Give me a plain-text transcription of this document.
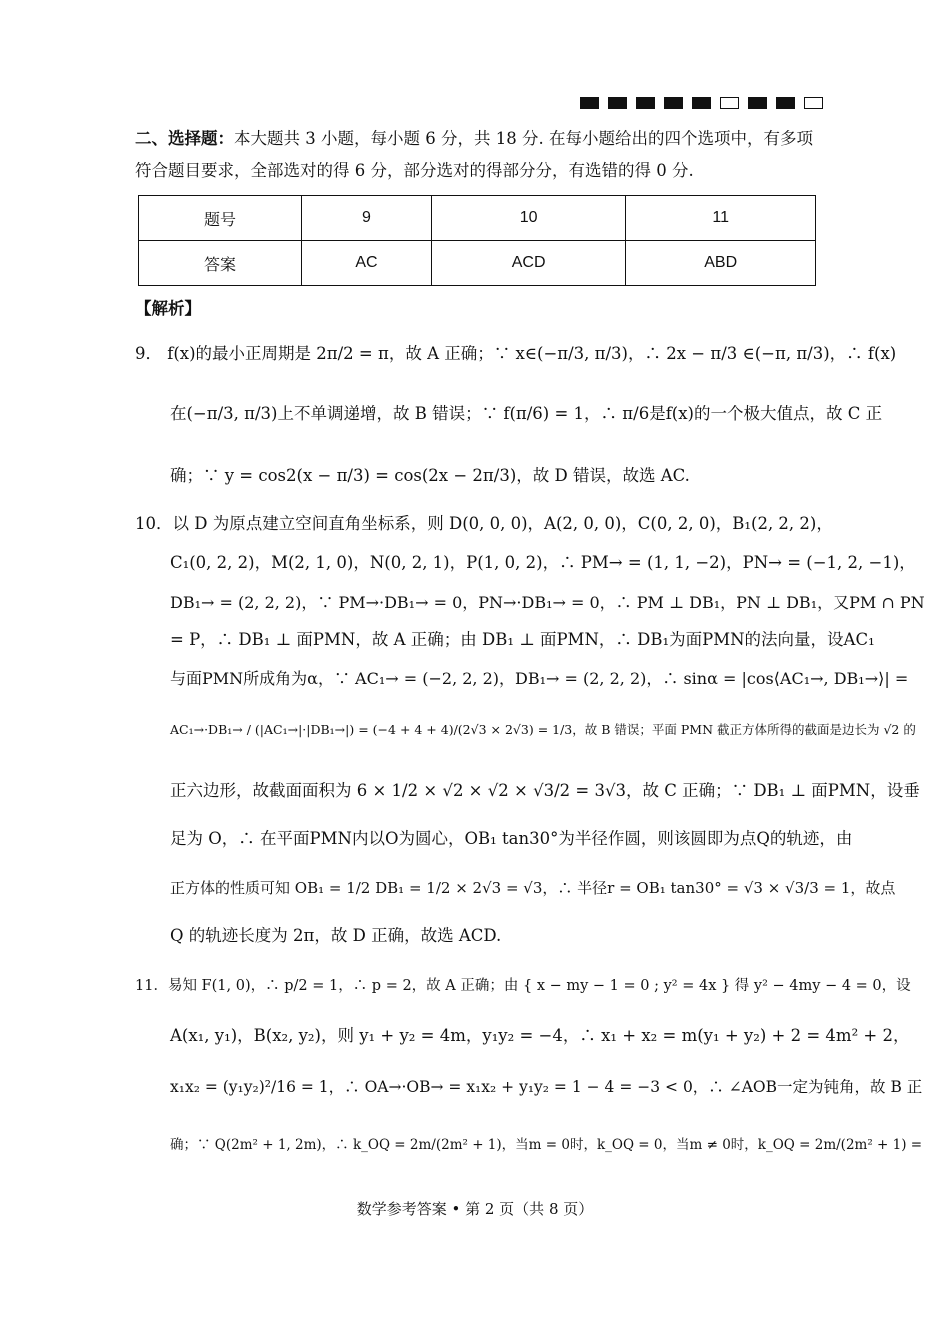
二、选择题：本大题共 3 小题，每小题 6 分，共 18 分. 在每小题给出的四个选项中，有多项
符合题目要求，全部选对的得 6 分，部分选对的得部分分，有选错的得 0 分.
题号	9	10	11
答案	AC	ACD	ABD
【解析】
9． f(x)的最小正周期是 2π/2 = π，故 A 正确；∵ x∈(−π/3, π/3)，∴ 2x − π/3 ∈(−π, π/3)，∴ f(x)
在(−π/3, π/3)上不单调递增，故 B 错误；∵ f(π/6) = 1，∴ π/6是f(x)的一个极大值点，故 C 正
确；∵ y = cos2(x − π/3) = cos(2x − 2π/3)，故 D 错误，故选 AC.
10．以 D 为原点建立空间直角坐标系，则 D(0, 0, 0)，A(2, 0, 0)，C(0, 2, 0)，B₁(2, 2, 2)，
C₁(0, 2, 2)，M(2, 1, 0)，N(0, 2, 1)，P(1, 0, 2)，∴ PM→ = (1, 1, −2)，PN→ = (−1, 2, −1)，
DB₁→ = (2, 2, 2)，∵ PM→·DB₁→ = 0，PN→·DB₁→ = 0，∴ PM ⊥ DB₁，PN ⊥ DB₁，又PM ∩ PN
= P，∴ DB₁ ⊥ 面PMN，故 A 正确；由 DB₁ ⊥ 面PMN，∴ DB₁为面PMN的法向量，设AC₁
与面PMN所成角为α，∵ AC₁→ = (−2, 2, 2)，DB₁→ = (2, 2, 2)，∴ sinα = |cos⟨AC₁→, DB₁→⟩| =
AC₁→·DB₁→ / (|AC₁→|·|DB₁→|) = (−4 + 4 + 4)/(2√3 × 2√3) = 1/3，故 B 错误；平面 PMN 截正方体所得的截面是边长为 √2 的
正六边形，故截面面积为 6 × 1/2 × √2 × √2 × √3/2 = 3√3，故 C 正确；∵ DB₁ ⊥ 面PMN，设垂
足为 O，∴ 在平面PMN内以O为圆心，OB₁ tan30°为半径作圆，则该圆即为点Q的轨迹，由
正方体的性质可知 OB₁ = 1/2 DB₁ = 1/2 × 2√3 = √3，∴ 半径r = OB₁ tan30° = √3 × √3/3 = 1，故点
Q 的轨迹长度为 2π，故 D 正确，故选 ACD.
11．易知 F(1, 0)，∴ p/2 = 1，∴ p = 2，故 A 正确；由 { x − my − 1 = 0 ; y² = 4x } 得 y² − 4my − 4 = 0，设
A(x₁, y₁)，B(x₂, y₂)，则 y₁ + y₂ = 4m，y₁y₂ = −4，∴ x₁ + x₂ = m(y₁ + y₂) + 2 = 4m² + 2，
x₁x₂ = (y₁y₂)²/16 = 1，∴ OA→·OB→ = x₁x₂ + y₁y₂ = 1 − 4 = −3 < 0，∴ ∠AOB一定为钝角，故 B 正
确；∵ Q(2m² + 1, 2m)，∴ k_OQ = 2m/(2m² + 1)，当m = 0时，k_OQ = 0，当m ≠ 0时，k_OQ = 2m/(2m² + 1) =
数学参考答案 • 第 2 页（共 8 页）
